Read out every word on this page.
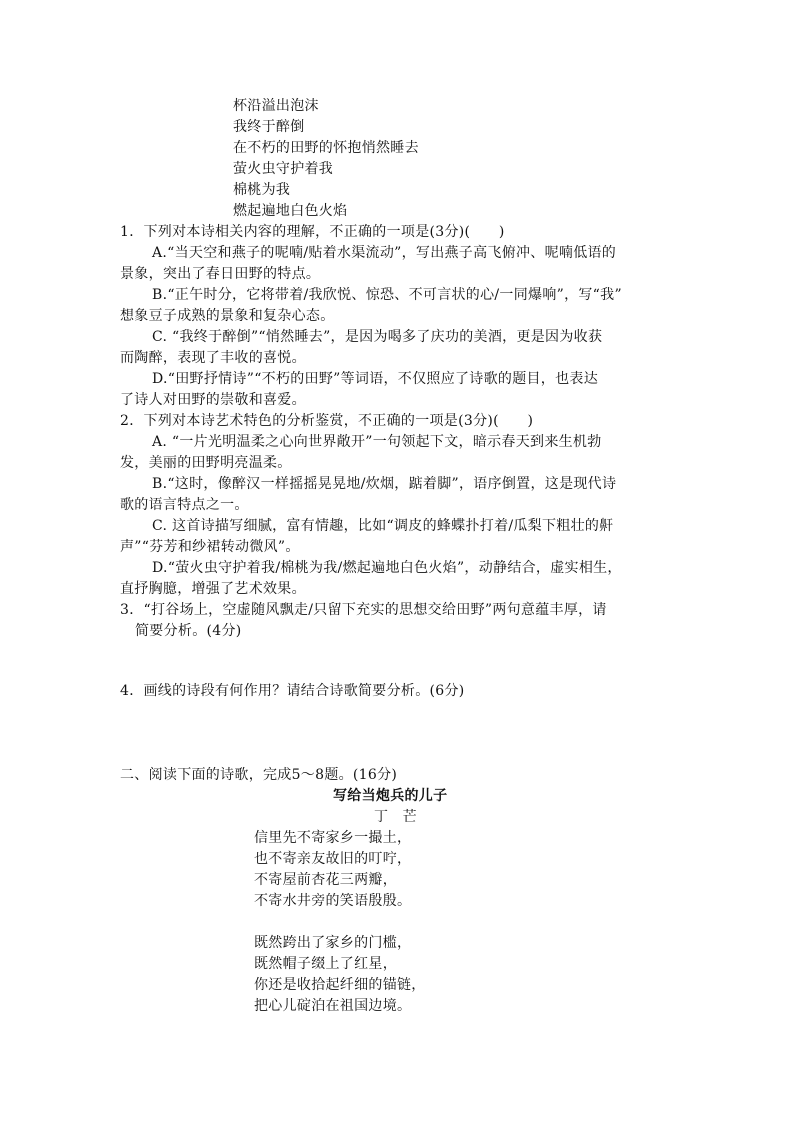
杯沿溢出泡沫
我终于醉倒
在不朽的田野的怀抱悄然睡去
萤火虫守护着我
棉桃为我
燃起遍地白色火焰
1．下列对本诗相关内容的理解，不正确的一项是(3分)(　　)
A.“当天空和燕子的呢喃/贴着水渠流动”，写出燕子高飞俯冲、呢喃低语的
景象，突出了春日田野的特点。
B.“正午时分，它将带着/我欣悦、惊恐、不可言状的心/一同爆响”，写“我”
想象豆子成熟的景象和复杂心态。
C. “我终于醉倒”“悄然睡去”，是因为喝多了庆功的美酒，更是因为收获
而陶醉，表现了丰收的喜悦。
D.“田野抒情诗”“不朽的田野”等词语，不仅照应了诗歌的题目，也表达
了诗人对田野的崇敬和喜爱。
2．下列对本诗艺术特色的分析鉴赏，不正确的一项是(3分)(　　)
A. “一片光明温柔之心向世界敞开”一句领起下文，暗示春天到来生机勃
发，美丽的田野明亮温柔。
B.“这时，像醉汉一样摇摇晃晃地/炊烟，踮着脚”，语序倒置，这是现代诗
歌的语言特点之一。
C. 这首诗描写细腻，富有情趣，比如“调皮的蜂蝶扑打着/瓜梨下粗壮的鼾
声”“芬芳和纱裙转动微风”。
D.“萤火虫守护着我/棉桃为我/燃起遍地白色火焰”，动静结合，虚实相生，
直抒胸臆，增强了艺术效果。
3．“打谷场上，空虚随风飘走/只留下充实的思想交给田野”两句意蕴丰厚，请
简要分析。(4分)
4．画线的诗段有何作用？请结合诗歌简要分析。(6分)
二、阅读下面的诗歌，完成5～8题。(16分)
写给当炮兵的儿子
丁　芒
信里先不寄家乡一撮土，
也不寄亲友故旧的叮咛，
不寄屋前杏花三两瓣，
不寄水井旁的笑语殷殷。
既然跨出了家乡的门槛，
既然帽子缀上了红星，
你还是收拾起纤细的锚链，
把心儿碇泊在祖国边境。
